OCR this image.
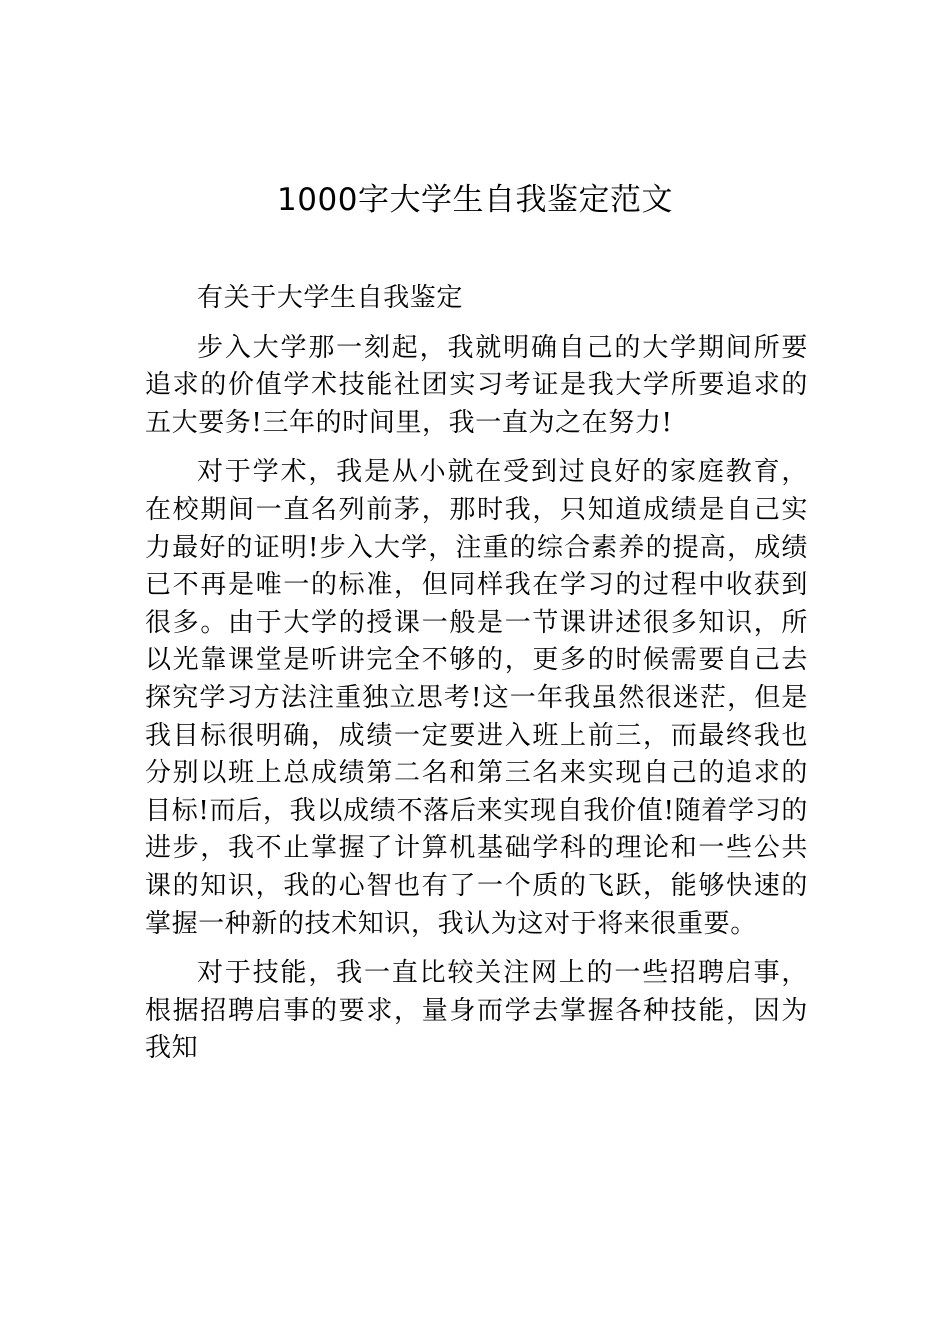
1000字大学生自我鉴定范文

有关于大学生自我鉴定

步入大学那一刻起，我就明确自己的大学期间所要追求的价值学术技能社团实习考证是我大学所要追求的五大要务!三年的时间里，我一直为之在努力!

对于学术，我是从小就在受到过良好的家庭教育，在校期间一直名列前茅，那时我，只知道成绩是自己实力最好的证明!步入大学，注重的综合素养的提高，成绩已不再是唯一的标准，但同样我在学习的过程中收获到很多。由于大学的授课一般是一节课讲述很多知识，所以光靠课堂是听讲完全不够的，更多的时候需要自己去探究学习方法注重独立思考!这一年我虽然很迷茫，但是我目标很明确，成绩一定要进入班上前三，而最终我也分别以班上总成绩第二名和第三名来实现自己的追求的目标!而后，我以成绩不落后来实现自我价值!随着学习的进步，我不止掌握了计算机基础学科的理论和一些公共课的知识，我的心智也有了一个质的飞跃，能够快速的掌握一种新的技术知识，我认为这对于将来很重要。

对于技能，我一直比较关注网上的一些招聘启事，根据招聘启事的要求，量身而学去掌握各种技能，因为我知
